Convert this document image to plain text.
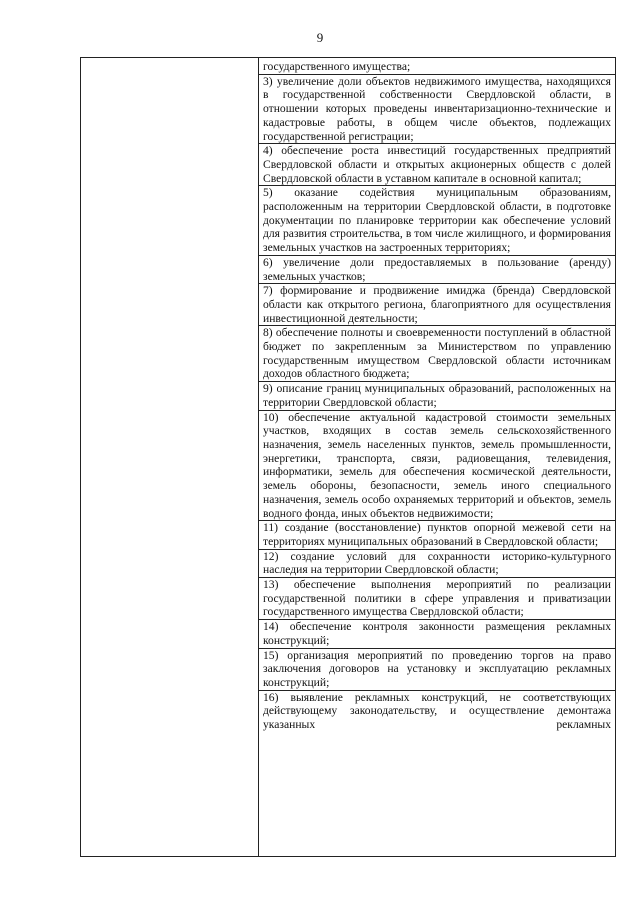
9
государственного имущества;
3) увеличение доли объектов недвижимого имущества, находящихся в государственной собственности Свердловской области, в отношении которых проведены инвентаризационно-технические и кадастровые работы, в общем числе объектов, подлежащих государственной регистрации;
4) обеспечение роста инвестиций государственных предприятий Свердловской области и открытых акционерных обществ с долей Свердловской области в уставном капитале в основной капитал;
5) оказание содействия муниципальным образованиям, расположенным на территории Свердловской области, в подготовке документации по планировке территории как обеспечение условий для развития строительства, в том числе жилищного, и формирования земельных участков на застроенных территориях;
6) увеличение доли предоставляемых в пользование (аренду) земельных участков;
7) формирование и продвижение имиджа (бренда) Свердловской области как открытого региона, благоприятного для осуществления инвестиционной деятельности;
8) обеспечение полноты и своевременности поступлений в областной бюджет по закрепленным за Министерством по управлению государственным имуществом Свердловской области источникам доходов областного бюджета;
9) описание границ муниципальных образований, расположенных на территории Свердловской области;
10) обеспечение актуальной кадастровой стоимости земельных участков, входящих в состав земель сельскохозяйственного назначения, земель населенных пунктов, земель промышленности, энергетики, транспорта, связи, радиовещания, телевидения, информатики, земель для обеспечения космической деятельности, земель обороны, безопасности, земель иного специального назначения, земель особо охраняемых территорий и объектов, земель водного фонда, иных объектов недвижимости;
11) создание (восстановление) пунктов опорной межевой сети на территориях муниципальных образований в Свердловской области;
12) создание условий для сохранности историко-культурного наследия на территории Свердловской области;
13) обеспечение выполнения мероприятий по реализации государственной политики в сфере управления и приватизации государственного имущества Свердловской области;
14) обеспечение контроля законности размещения рекламных конструкций;
15) организация мероприятий по проведению торгов на право заключения договоров на установку и эксплуатацию рекламных конструкций;
16) выявление рекламных конструкций, не соответствующих действующему законодательству, и осуществление демонтажа указанных рекламных
